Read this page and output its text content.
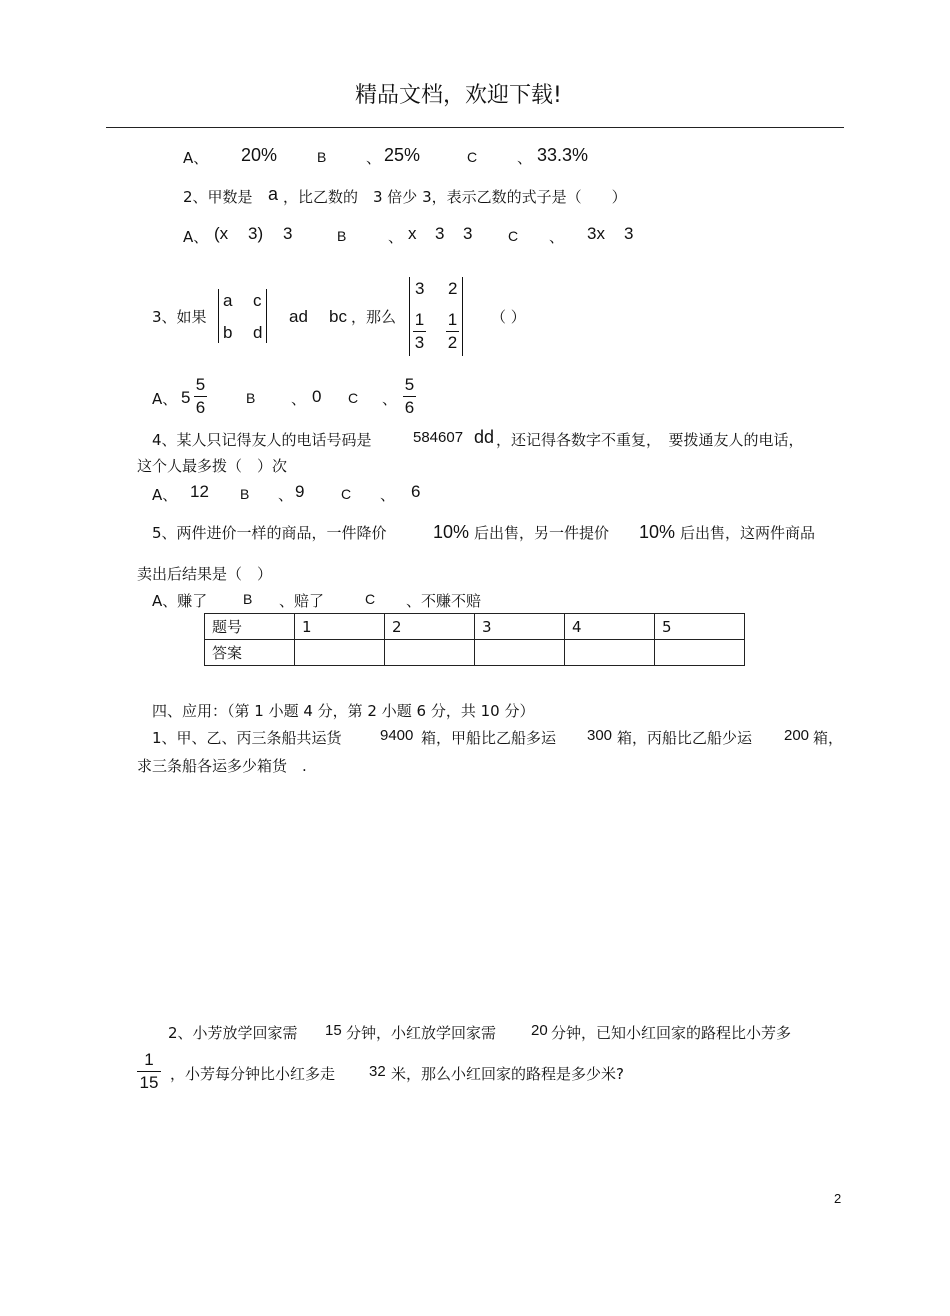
精品文档，欢迎下载!
A、 20%	B	、 25%	C	、 33.3%
2、甲数是 a ，比乙数的　3 倍少 3，表示乙数的式子是（　　）
A、 (x 3) 3	B	、 x 3 3	C 、 3x 3
3、如果
a c
b d
ad bc ，那么
3 2
1
3
1
2
（ ）
A、 5
5
6	B 、 0 C 、
5
6
4、某人只记得友人的电话号码是	584607 dd ，还记得各数字不重复，　要拨通友人的电话，
这个人最多拨（　）次
A、 12 B 、 9	C 、 6
5、两件进价一样的商品，一件降价	10% 后出售，另一件提价 10% 后出售，这两件商品
卖出后结果是（　）
A、赚了	B 、赔了	C 、不赚不赔
题号	1	2	3	4	5
答案					
四、应用：（第 1 小题 4 分，第 2 小题 6 分，共 10 分）
1、甲、乙、丙三条船共运货	9400 箱，甲船比乙船多运 300 箱，丙船比乙船少运 200 箱，
求三条船各运多少箱货　.
2、小芳放学回家需 15 分钟，小红放学回家需 20 分钟，已知小红回家的路程比小芳多
1
15 ，小芳每分钟比小红多走 32 米，那么小红回家的路程是多少米?
2
